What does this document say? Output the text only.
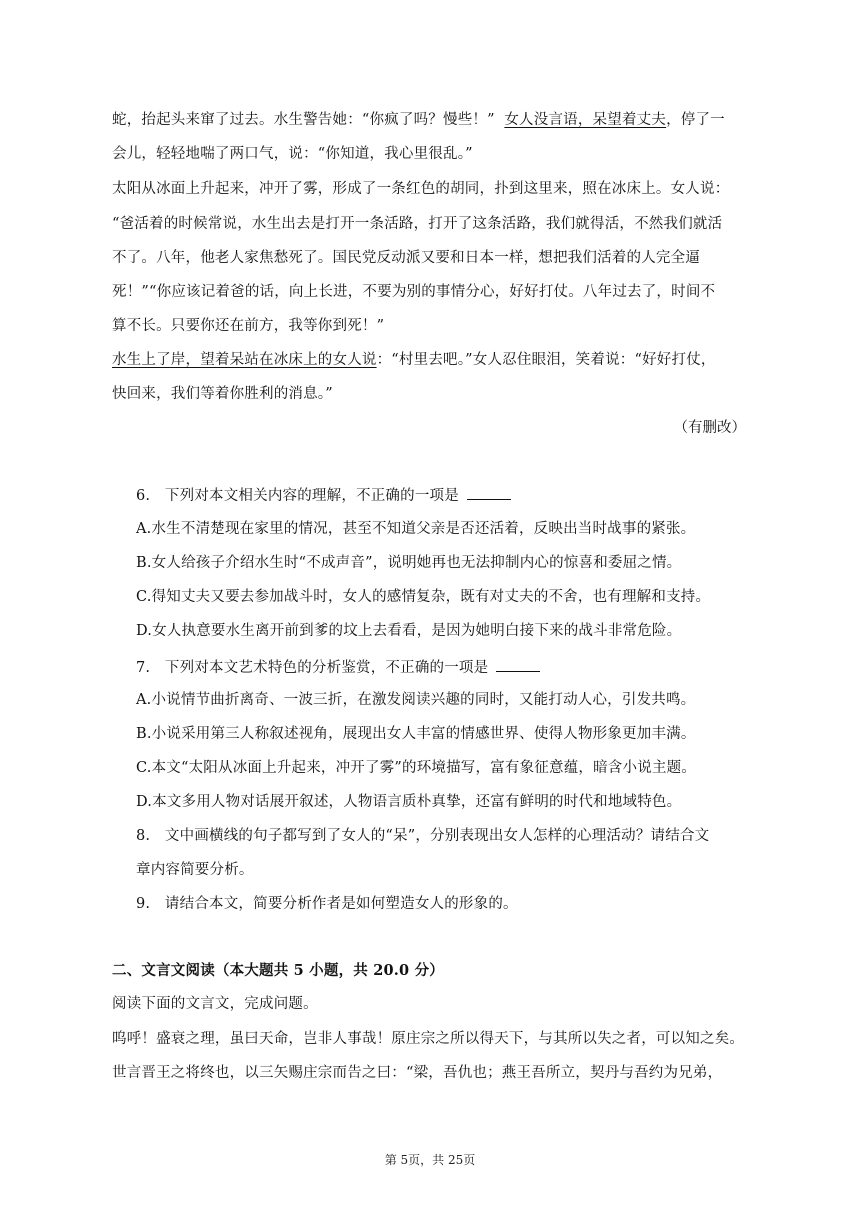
蛇，抬起头来窜了过去。水生警告她：“你疯了吗？慢些！” 女人没言语，呆望着丈夫，停了一
会儿，轻轻地喘了两口气，说：“你知道，我心里很乱。”
太阳从冰面上升起来，冲开了雾，形成了一条红色的胡同，扑到这里来，照在冰床上。女人说：
“爸活着的时候常说，水生出去是打开一条活路，打开了这条活路，我们就得活，不然我们就活
不了。八年，他老人家焦愁死了。国民党反动派又要和日本一样，想把我们活着的人完全逼
死！”“你应该记着爸的话，向上长进，不要为别的事情分心，好好打仗。八年过去了，时间不
算不长。只要你还在前方，我等你到死！”
水生上了岸，望着呆站在冰床上的女人说：“村里去吧。”女人忍住眼泪，笑着说：“好好打仗，
快回来，我们等着你胜利的消息。”
（有删改）
6.　下列对本文相关内容的理解，不正确的一项是
A.水生不清楚现在家里的情况，甚至不知道父亲是否还活着，反映出当时战事的紧张。
B.女人给孩子介绍水生时“不成声音”，说明她再也无法抑制内心的惊喜和委屈之情。
C.得知丈夫又要去参加战斗时，女人的感情复杂，既有对丈夫的不舍，也有理解和支持。
D.女人执意要水生离开前到爹的坟上去看看，是因为她明白接下来的战斗非常危险。
7.　下列对本文艺术特色的分析鉴赏，不正确的一项是
A.小说情节曲折离奇、一波三折，在激发阅读兴趣的同时，又能打动人心，引发共鸣。
B.小说采用第三人称叙述视角，展现出女人丰富的情感世界、使得人物形象更加丰满。
C.本文“太阳从冰面上升起来，冲开了雾”的环境描写，富有象征意蕴，暗含小说主题。
D.本文多用人物对话展开叙述，人物语言质朴真挚，还富有鲜明的时代和地域特色。
8.　文中画横线的句子都写到了女人的“呆”，分别表现出女人怎样的心理活动？请结合文
章内容简要分析。
9.　请结合本文，简要分析作者是如何塑造女人的形象的。
二、文言文阅读（本大题共 5 小题，共 20.0 分）
阅读下面的文言文，完成问题。
呜呼！盛衰之理，虽曰天命，岂非人事哉！原庄宗之所以得天下，与其所以失之者，可以知之矣。
世言晋王之将终也，以三矢赐庄宗而告之曰：“梁，吾仇也；燕王吾所立，契丹与吾约为兄弟，
第 5页，共 25页
